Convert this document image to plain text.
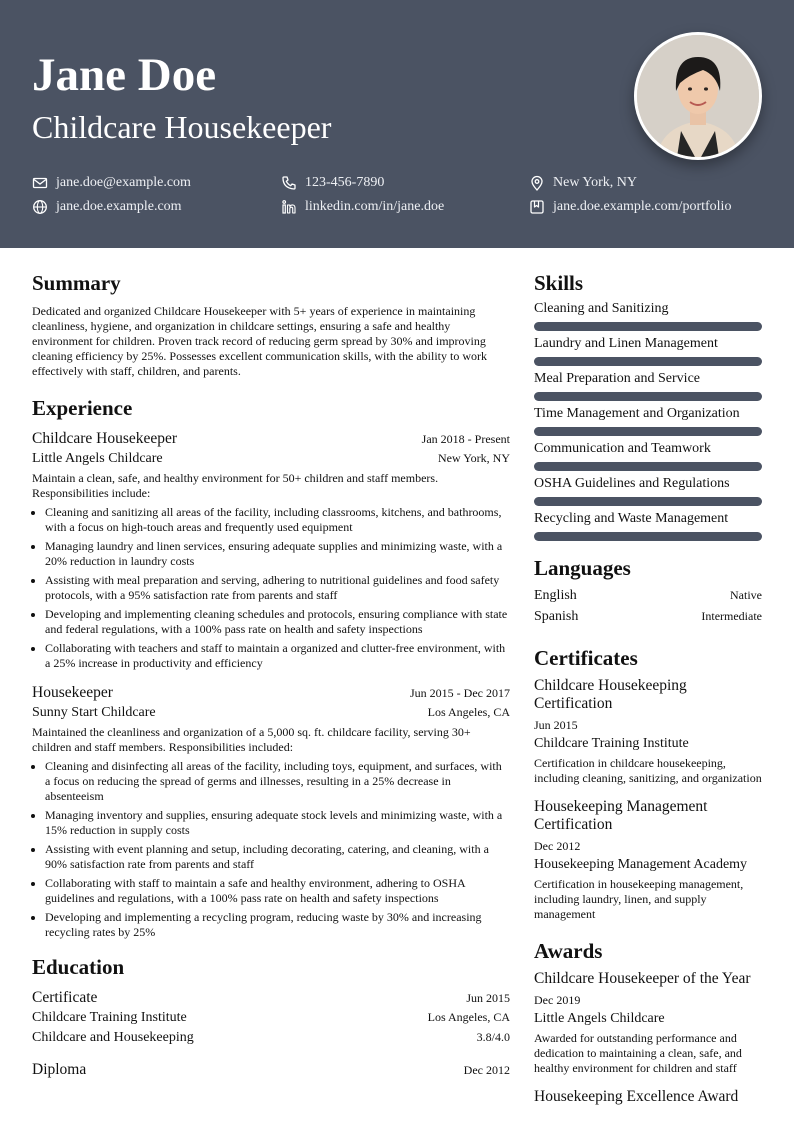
Jane Doe
Childcare Housekeeper
jane.doe@example.com	123-456-7890	New York, NY
jane.doe.example.com	linkedin.com/in/jane.doe	jane.doe.example.com/portfolio
Summary
Dedicated and organized Childcare Housekeeper with 5+ years of experience in maintaining cleanliness, hygiene, and organization in childcare settings, ensuring a safe and healthy environment for children. Proven track record of reducing germ spread by 30% and improving cleaning efficiency by 25%. Possesses excellent communication skills, with the ability to work effectively with staff, children, and parents.
Experience
Childcare Housekeeper	Jan 2018 - Present
Little Angels Childcare	New York, NY
Maintain a clean, safe, and healthy environment for 50+ children and staff members. Responsibilities include:
• Cleaning and sanitizing all areas of the facility, including classrooms, kitchens, and bathrooms, with a focus on high-touch areas and frequently used equipment
• Managing laundry and linen services, ensuring adequate supplies and minimizing waste, with a 20% reduction in laundry costs
• Assisting with meal preparation and serving, adhering to nutritional guidelines and food safety protocols, with a 95% satisfaction rate from parents and staff
• Developing and implementing cleaning schedules and protocols, ensuring compliance with state and federal regulations, with a 100% pass rate on health and safety inspections
• Collaborating with teachers and staff to maintain a organized and clutter-free environment, with a 25% increase in productivity and efficiency
Housekeeper	Jun 2015 - Dec 2017
Sunny Start Childcare	Los Angeles, CA
Maintained the cleanliness and organization of a 5,000 sq. ft. childcare facility, serving 30+ children and staff members. Responsibilities included:
• Cleaning and disinfecting all areas of the facility, including toys, equipment, and surfaces, with a focus on reducing the spread of germs and illnesses, resulting in a 25% decrease in absenteeism
• Managing inventory and supplies, ensuring adequate stock levels and minimizing waste, with a 15% reduction in supply costs
• Assisting with event planning and setup, including decorating, catering, and cleaning, with a 90% satisfaction rate from parents and staff
• Collaborating with staff to maintain a safe and healthy environment, adhering to OSHA guidelines and regulations, with a 100% pass rate on health and safety inspections
• Developing and implementing a recycling program, reducing waste by 30% and increasing recycling rates by 25%
Education
Certificate	Jun 2015
Childcare Training Institute	Los Angeles, CA
Childcare and Housekeeping	3.8/4.0
Diploma	Dec 2012
Skills
Cleaning and Sanitizing
Laundry and Linen Management
Meal Preparation and Service
Time Management and Organization
Communication and Teamwork
OSHA Guidelines and Regulations
Recycling and Waste Management
Languages
English	Native
Spanish	Intermediate
Certificates
Childcare Housekeeping Certification
Jun 2015
Childcare Training Institute
Certification in childcare housekeeping, including cleaning, sanitizing, and organization
Housekeeping Management Certification
Dec 2012
Housekeeping Management Academy
Certification in housekeeping management, including laundry, linen, and supply management
Awards
Childcare Housekeeper of the Year
Dec 2019
Little Angels Childcare
Awarded for outstanding performance and dedication to maintaining a clean, safe, and healthy environment for children and staff
Housekeeping Excellence Award
